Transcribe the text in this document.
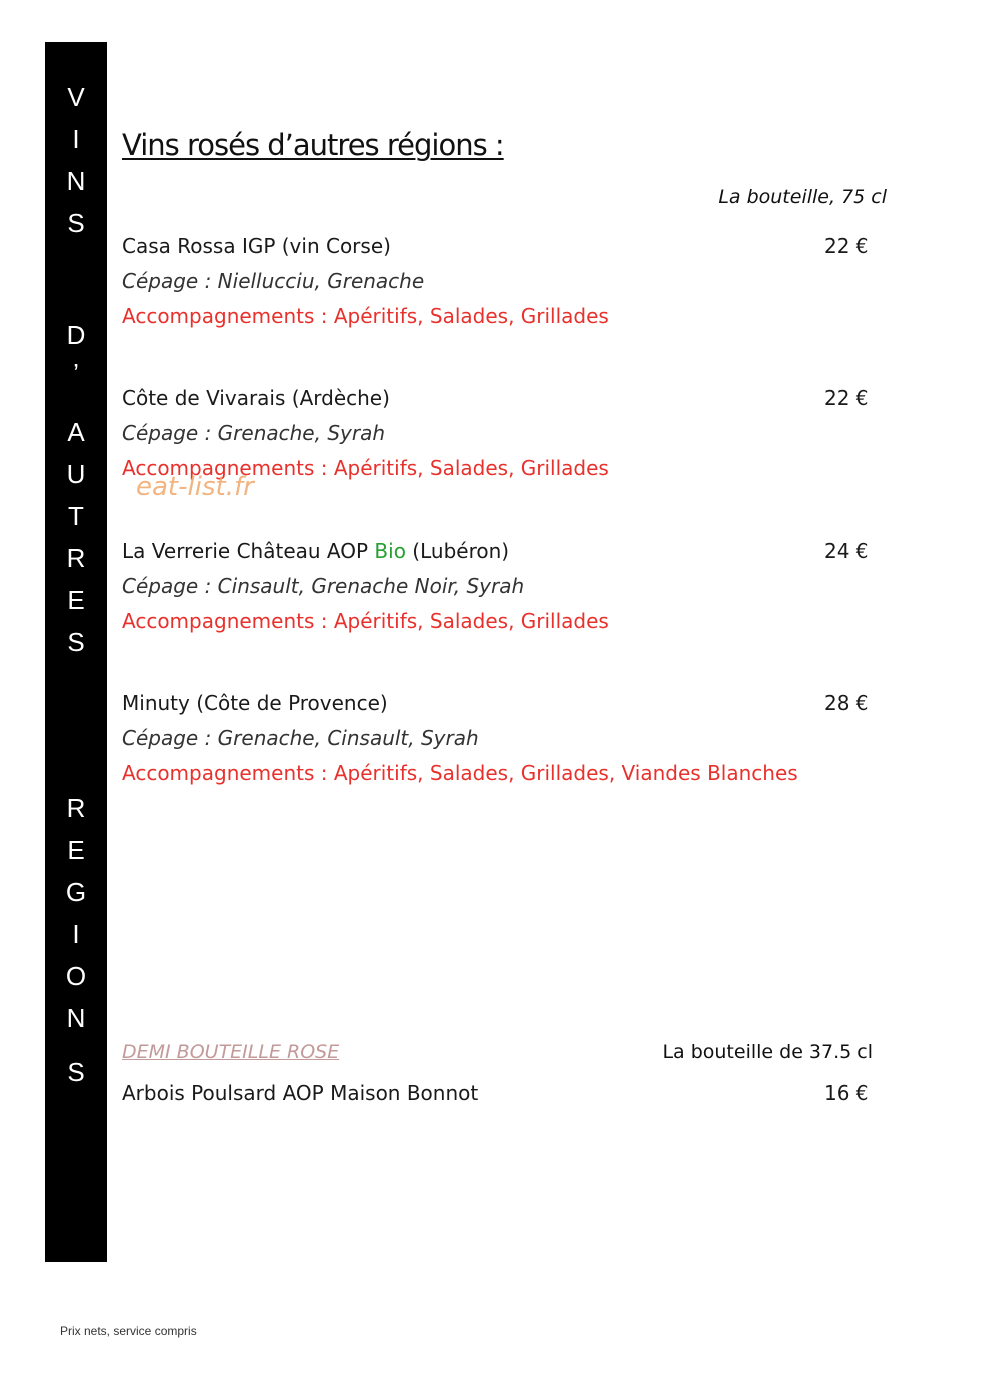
V
I
N
S
D
’
A
U
T
R
E
S
R
E
G
I
O
N
S
Vins rosés d’autres régions :
La bouteille, 75 cl
Casa Rossa IGP (vin Corse)	22 €
Cépage : Niellucciu, Grenache
Accompagnements : Apéritifs, Salades, Grillades
Côte de Vivarais (Ardèche)	22 €
Cépage : Grenache, Syrah
Accompagnements : Apéritifs, Salades, Grillades
La Verrerie Château AOP Bio (Lubéron)	24 €
Cépage : Cinsault, Grenache Noir, Syrah
Accompagnements : Apéritifs, Salades, Grillades
Minuty (Côte de Provence)	28 €
Cépage : Grenache, Cinsault, Syrah
Accompagnements : Apéritifs, Salades, Grillades, Viandes Blanches
eat-list.fr
DEMI BOUTEILLE ROSE	La bouteille de 37.5 cl
Arbois Poulsard AOP Maison Bonnot	16 €
Prix nets, service compris
